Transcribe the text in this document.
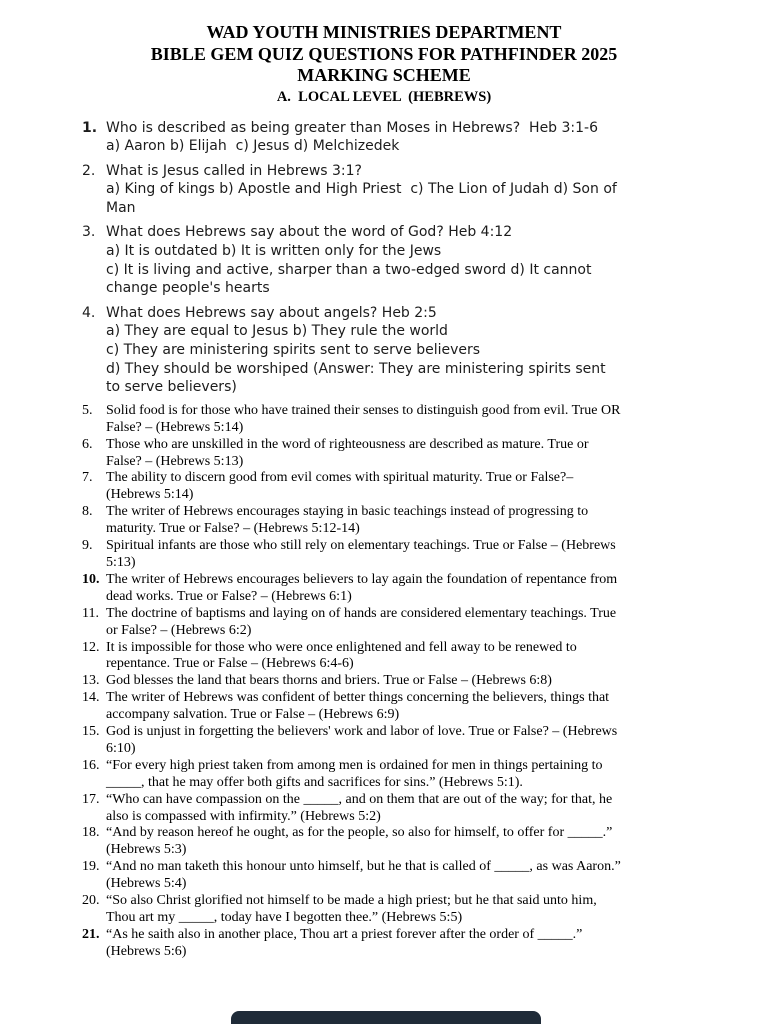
WAD YOUTH MINISTRIES DEPARTMENT
BIBLE GEM QUIZ QUESTIONS FOR PATHFINDER 2025
MARKING SCHEME
A.  LOCAL LEVEL  (HEBREWS)
1. Who is described as being greater than Moses in Hebrews?  Heb 3:1-6
a) Aaron b) Elijah  c) Jesus d) Melchizedek
2. What is Jesus called in Hebrews 3:1?
a) King of kings b) Apostle and High Priest  c) The Lion of Judah d) Son of
Man
3. What does Hebrews say about the word of God? Heb 4:12
a) It is outdated b) It is written only for the Jews
c) It is living and active, sharper than a two-edged sword d) It cannot
change people's hearts
4. What does Hebrews say about angels? Heb 2:5
a) They are equal to Jesus b) They rule the world
c) They are ministering spirits sent to serve believers
d) They should be worshiped (Answer: They are ministering spirits sent
to serve believers)
5. Solid food is for those who have trained their senses to distinguish good from evil. True OR
False? – (Hebrews 5:14)
6. Those who are unskilled in the word of righteousness are described as mature. True or
False? – (Hebrews 5:13)
7. The ability to discern good from evil comes with spiritual maturity. True or False?–
(Hebrews 5:14)
8. The writer of Hebrews encourages staying in basic teachings instead of progressing to
maturity. True or False? – (Hebrews 5:12-14)
9. Spiritual infants are those who still rely on elementary teachings. True or False – (Hebrews
5:13)
10. The writer of Hebrews encourages believers to lay again the foundation of repentance from
dead works. True or False? – (Hebrews 6:1)
11. The doctrine of baptisms and laying on of hands are considered elementary teachings. True
or False? – (Hebrews 6:2)
12. It is impossible for those who were once enlightened and fell away to be renewed to
repentance. True or False – (Hebrews 6:4-6)
13. God blesses the land that bears thorns and briers. True or False – (Hebrews 6:8)
14. The writer of Hebrews was confident of better things concerning the believers, things that
accompany salvation. True or False – (Hebrews 6:9)
15. God is unjust in forgetting the believers' work and labor of love. True or False? – (Hebrews
6:10)
16. “For every high priest taken from among men is ordained for men in things pertaining to
_____, that he may offer both gifts and sacrifices for sins.” (Hebrews 5:1).
17. “Who can have compassion on the _____, and on them that are out of the way; for that, he
also is compassed with infirmity.” (Hebrews 5:2)
18. “And by reason hereof he ought, as for the people, so also for himself, to offer for _____.”
(Hebrews 5:3)
19. “And no man taketh this honour unto himself, but he that is called of _____, as was Aaron.”
(Hebrews 5:4)
20. “So also Christ glorified not himself to be made a high priest; but he that said unto him,
Thou art my _____, today have I begotten thee.” (Hebrews 5:5)
21. “As he saith also in another place, Thou art a priest forever after the order of _____.”
(Hebrews 5:6)
